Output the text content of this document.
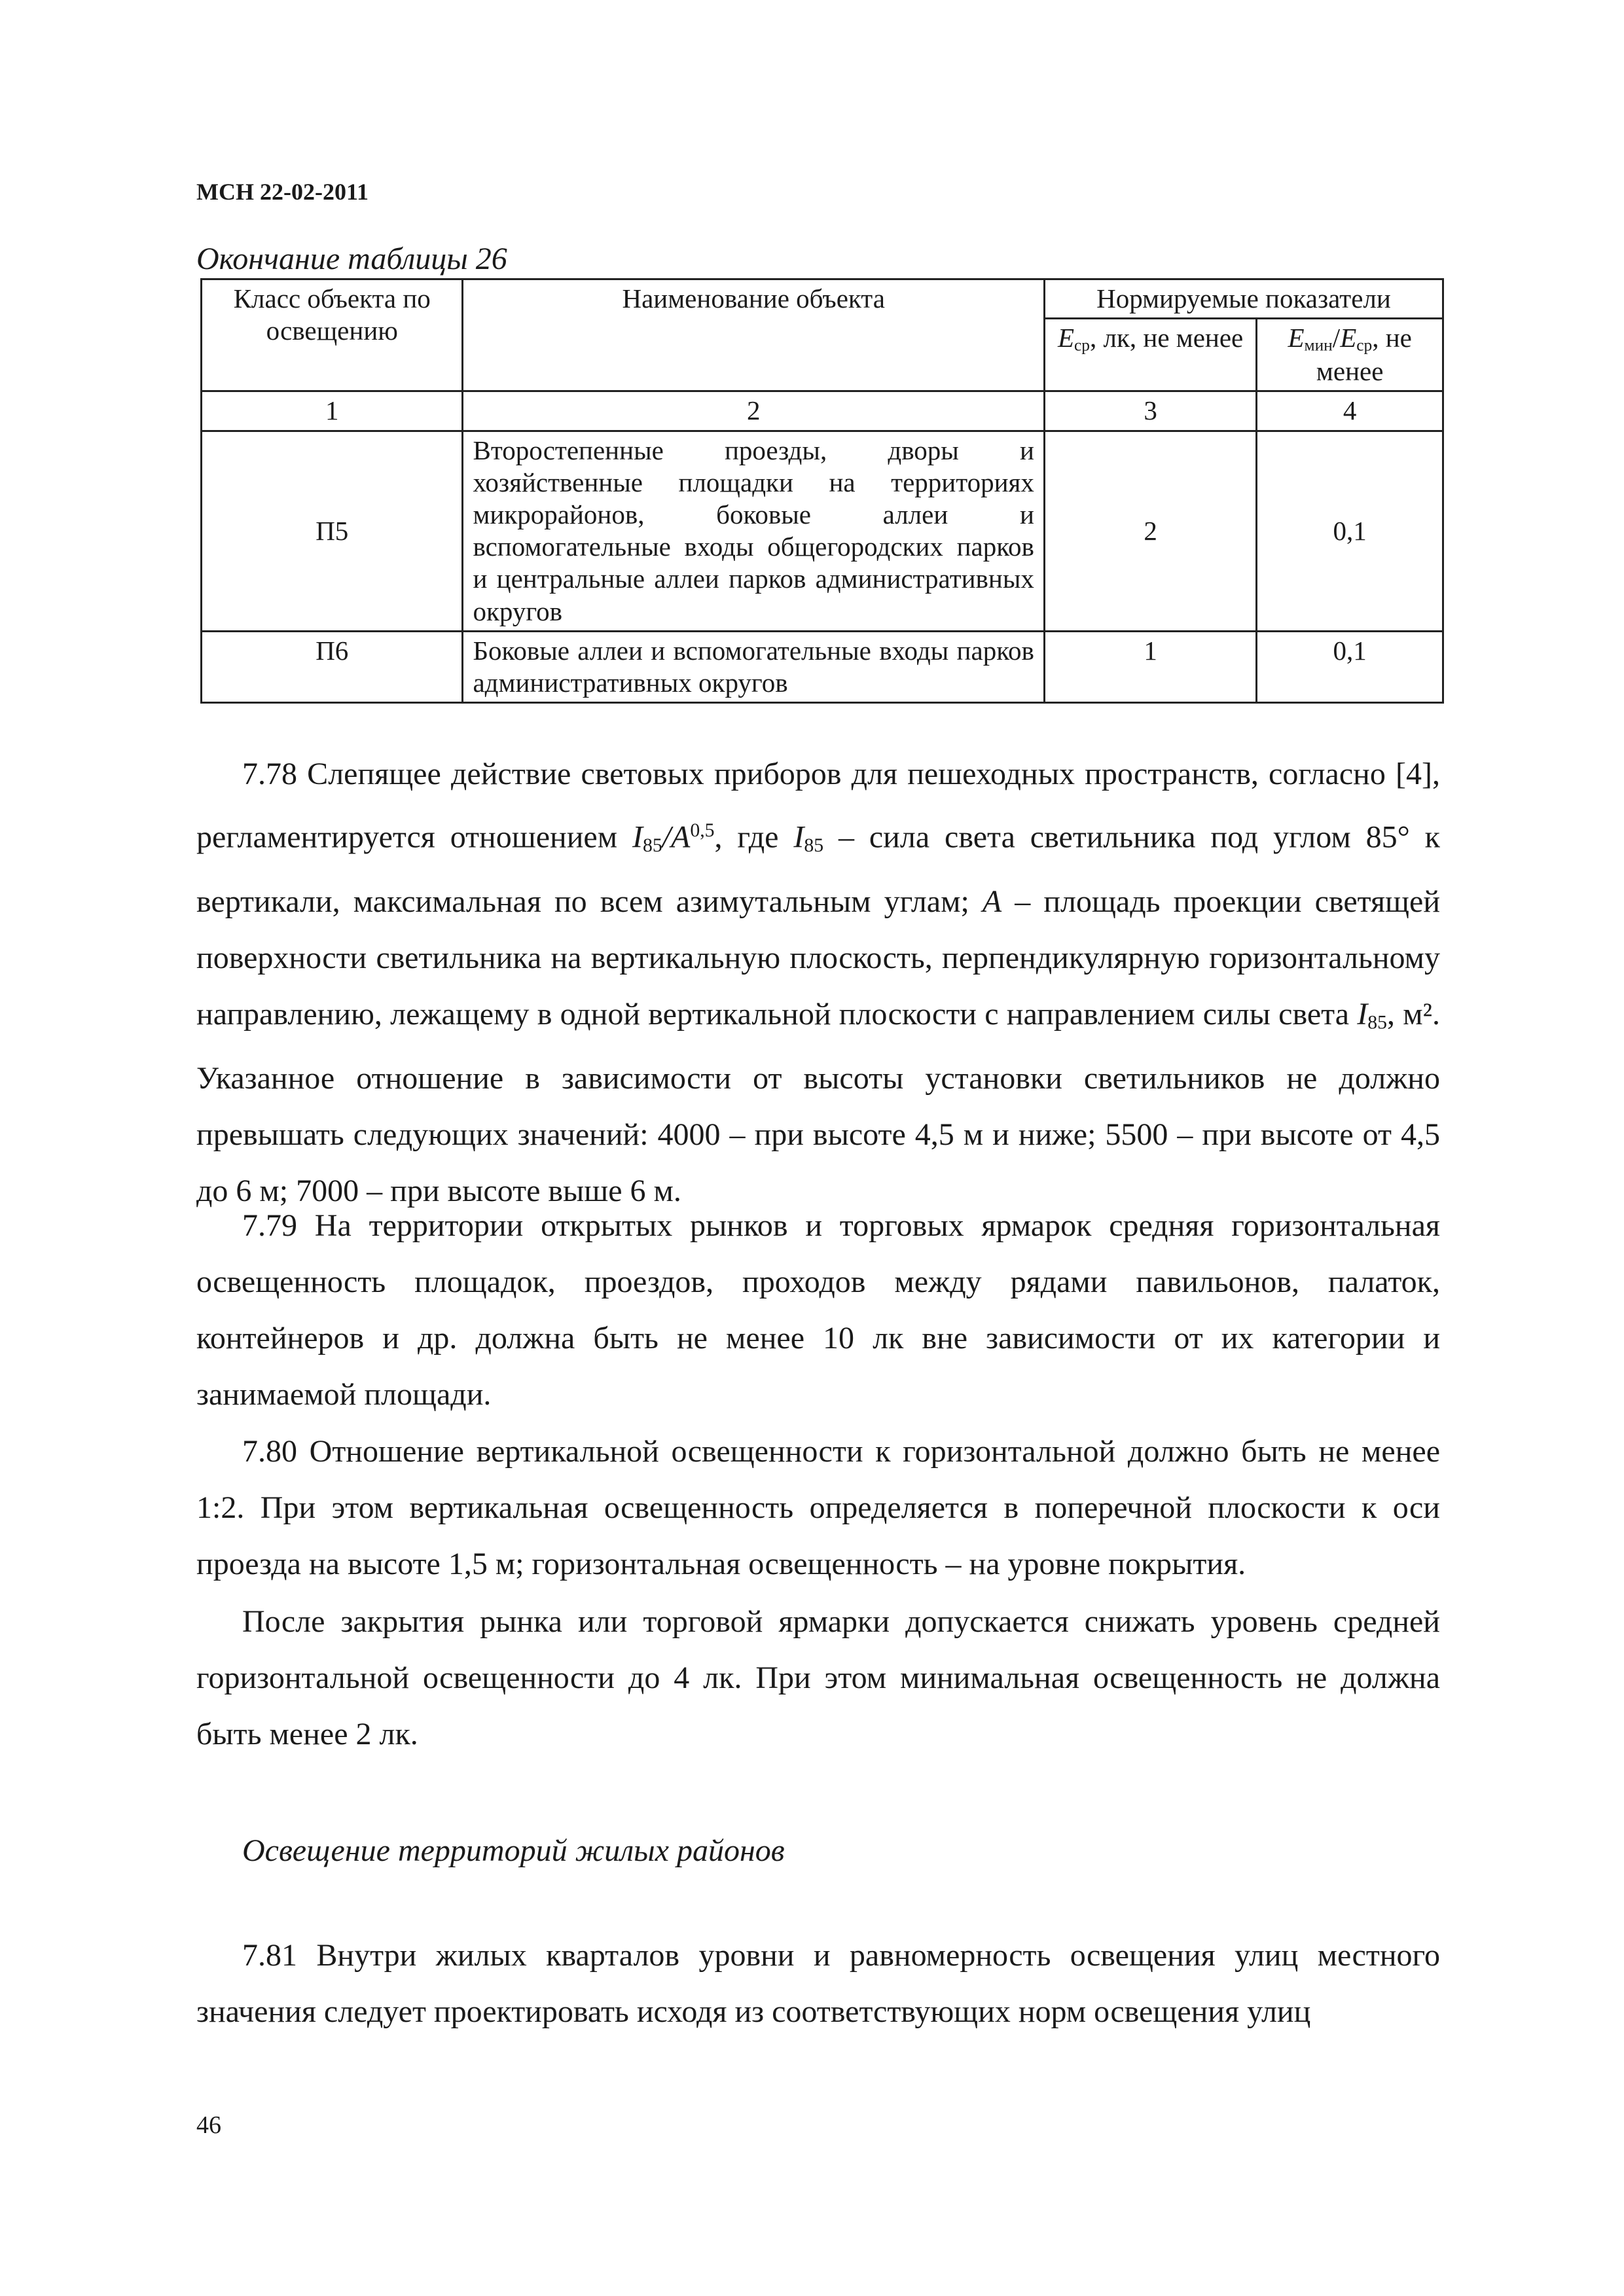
МСН 22-02-2011
Окончание таблицы 26
Класс объекта по освещению	Наименование объекта	Нормируемые показатели	
		$E_{ср}$, лк, не менее	$E_{мин}/E_{ср}$, не менее
1	2	3	4
П5	Второстепенные проезды, дворы и хозяйственные площадки на территориях микрорайонов, боковые аллеи и вспомогательные входы общегородских парков и центральные аллеи парков административных округов	2	0,1
П6	Боковые аллеи и вспомогательные входы парков административных округов	1	0,1

7.78 Слепящее действие световых приборов для пешеходных пространств, согласно [4], регламентируется отношением $I_{85}/A^{0,5}$, где $I_{85}$ – сила света светильника под углом 85° к вертикали, максимальная по всем азимутальным углам; A – площадь проекции светящей поверхности светильника на вертикальную плоскость, перпендикулярную горизонтальному направлению, лежащему в одной вертикальной плоскости с направлением силы света $I_{85}$, м². Указанное отношение в зависимости от высоты установки светильников не должно превышать следующих значений: 4000 – при высоте 4,5 м и ниже; 5500 – при высоте от 4,5 до 6 м; 7000 – при высоте выше 6 м.

7.79 На территории открытых рынков и торговых ярмарок средняя горизонтальная освещенность площадок, проездов, проходов между рядами павильонов, палаток, контейнеров и др. должна быть не менее 10 лк вне зависимости от их категории и занимаемой площади.

7.80 Отношение вертикальной освещенности к горизонтальной должно быть не менее 1:2. При этом вертикальная освещенность определяется в поперечной плоскости к оси проезда на высоте 1,5 м; горизонтальная освещенность – на уровне покрытия.

После закрытия рынка или торговой ярмарки допускается снижать уровень средней горизонтальной освещенности до 4 лк. При этом минимальная освещенность не должна быть менее 2 лк.

Освещение территорий жилых районов

7.81 Внутри жилых кварталов уровни и равномерность освещения улиц местного значения следует проектировать исходя из соответствующих норм освещения улиц

46
